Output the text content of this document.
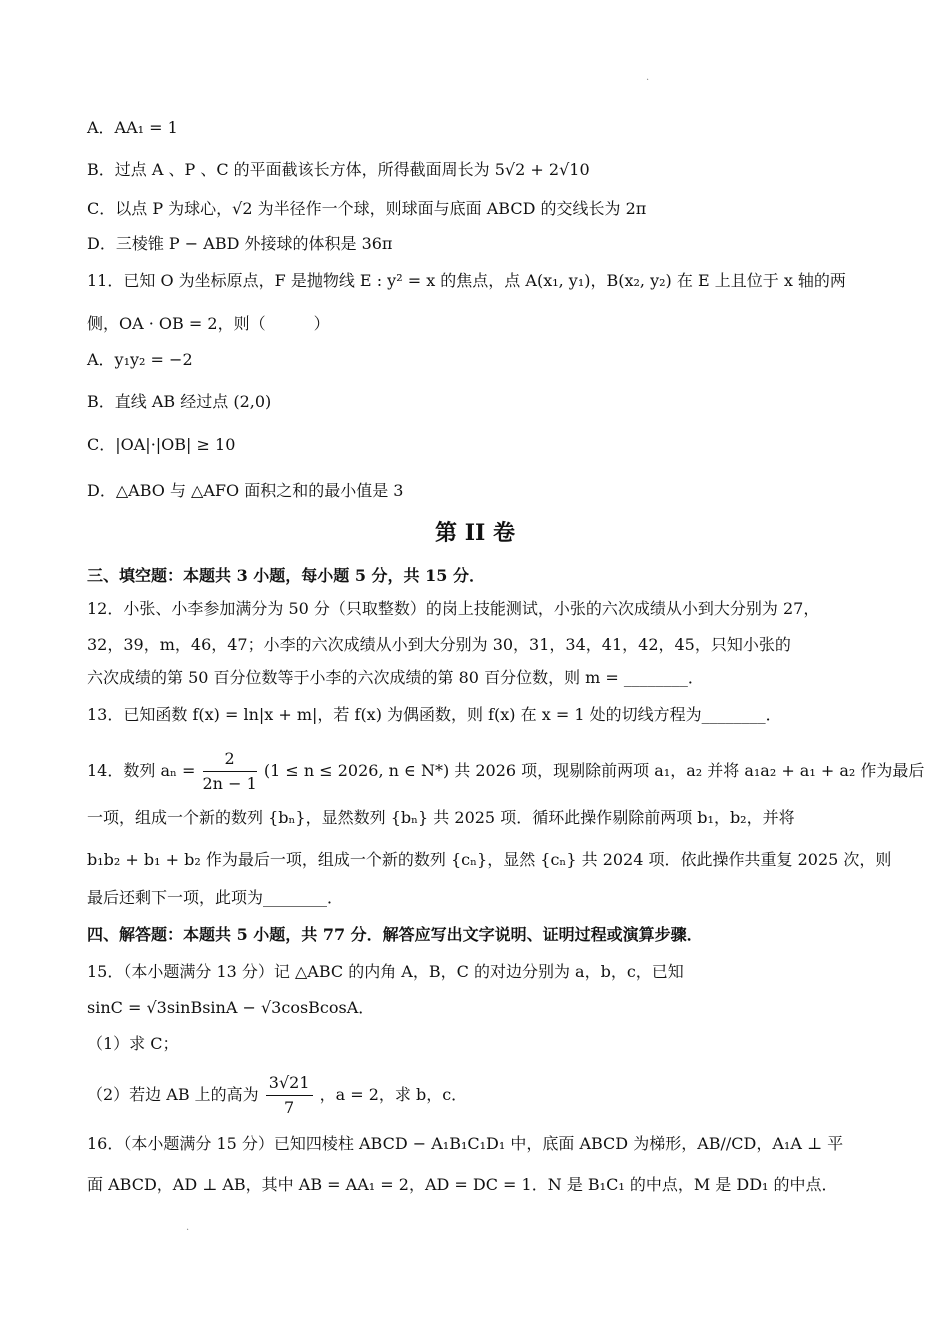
.
A．AA₁ = 1
B．过点 A 、P 、C 的平面截该长方体，所得截面周长为 5√2 + 2√10
C．以点 P 为球心，√2 为半径作一个球，则球面与底面 ABCD 的交线长为 2π
D．三棱锥 P − ABD 外接球的体积是 36π
11．已知 O 为坐标原点，F 是抛物线 E : y² = x 的焦点，点 A(x₁, y₁)，B(x₂, y₂) 在 E 上且位于 x 轴的两
侧，OA · OB = 2，则（　　　）
A．y₁y₂ = −2
B．直线 AB 经过点 (2,0)
C．|OA|·|OB| ≥ 10
D．△ABO 与 △AFO 面积之和的最小值是 3
第 II 卷
三、填空题：本题共 3 小题，每小题 5 分，共 15 分．
12．小张、小李参加满分为 50 分（只取整数）的岗上技能测试，小张的六次成绩从小到大分别为 27，
32，39，m，46，47；小李的六次成绩从小到大分别为 30，31，34，41，42，45，只知小张的
六次成绩的第 50 百分位数等于小李的六次成绩的第 80 百分位数，则 m = ________．
13．已知函数 f(x) = ln|x + m|，若 f(x) 为偶函数，则 f(x) 在 x = 1 处的切线方程为________．
14．数列 $a_n = \frac{2}{2n - 1} (1 \le n \le 2026$, n ∈ N*) 共 2026 项，现剔除前两项 a₁，a₂ 并将 a₁a₂ + a₁ + a₂ 作为最后
一项，组成一个新的数列 {bₙ}，显然数列 {bₙ} 共 2025 项．循环此操作剔除前两项 b₁，b₂，并将
b₁b₂ + b₁ + b₂ 作为最后一项，组成一个新的数列 {cₙ}，显然 {cₙ} 共 2024 项．依此操作共重复 2025 次，则
最后还剩下一项，此项为________．
四、解答题：本题共 5 小题，共 77 分．解答应写出文字说明、证明过程或演算步骤．
15．（本小题满分 13 分）记 △ABC 的内角 A，B，C 的对边分别为 a，b，c，已知
sinC = √3sinBsinA − √3cosBcosA．
（1）求 C；
（2）若边 AB 上的高为 $\frac{3√21}{7}$ ，a = 2，求 b，c．
16．（本小题满分 15 分）已知四棱柱 ABCD − A₁B₁C₁D₁ 中，底面 ABCD 为梯形，AB//CD，A₁A ⊥ 平
面 ABCD，AD ⊥ AB，其中 AB = AA₁ = 2，AD = DC = 1．N 是 B₁C₁ 的中点，M 是 DD₁ 的中点．
.
